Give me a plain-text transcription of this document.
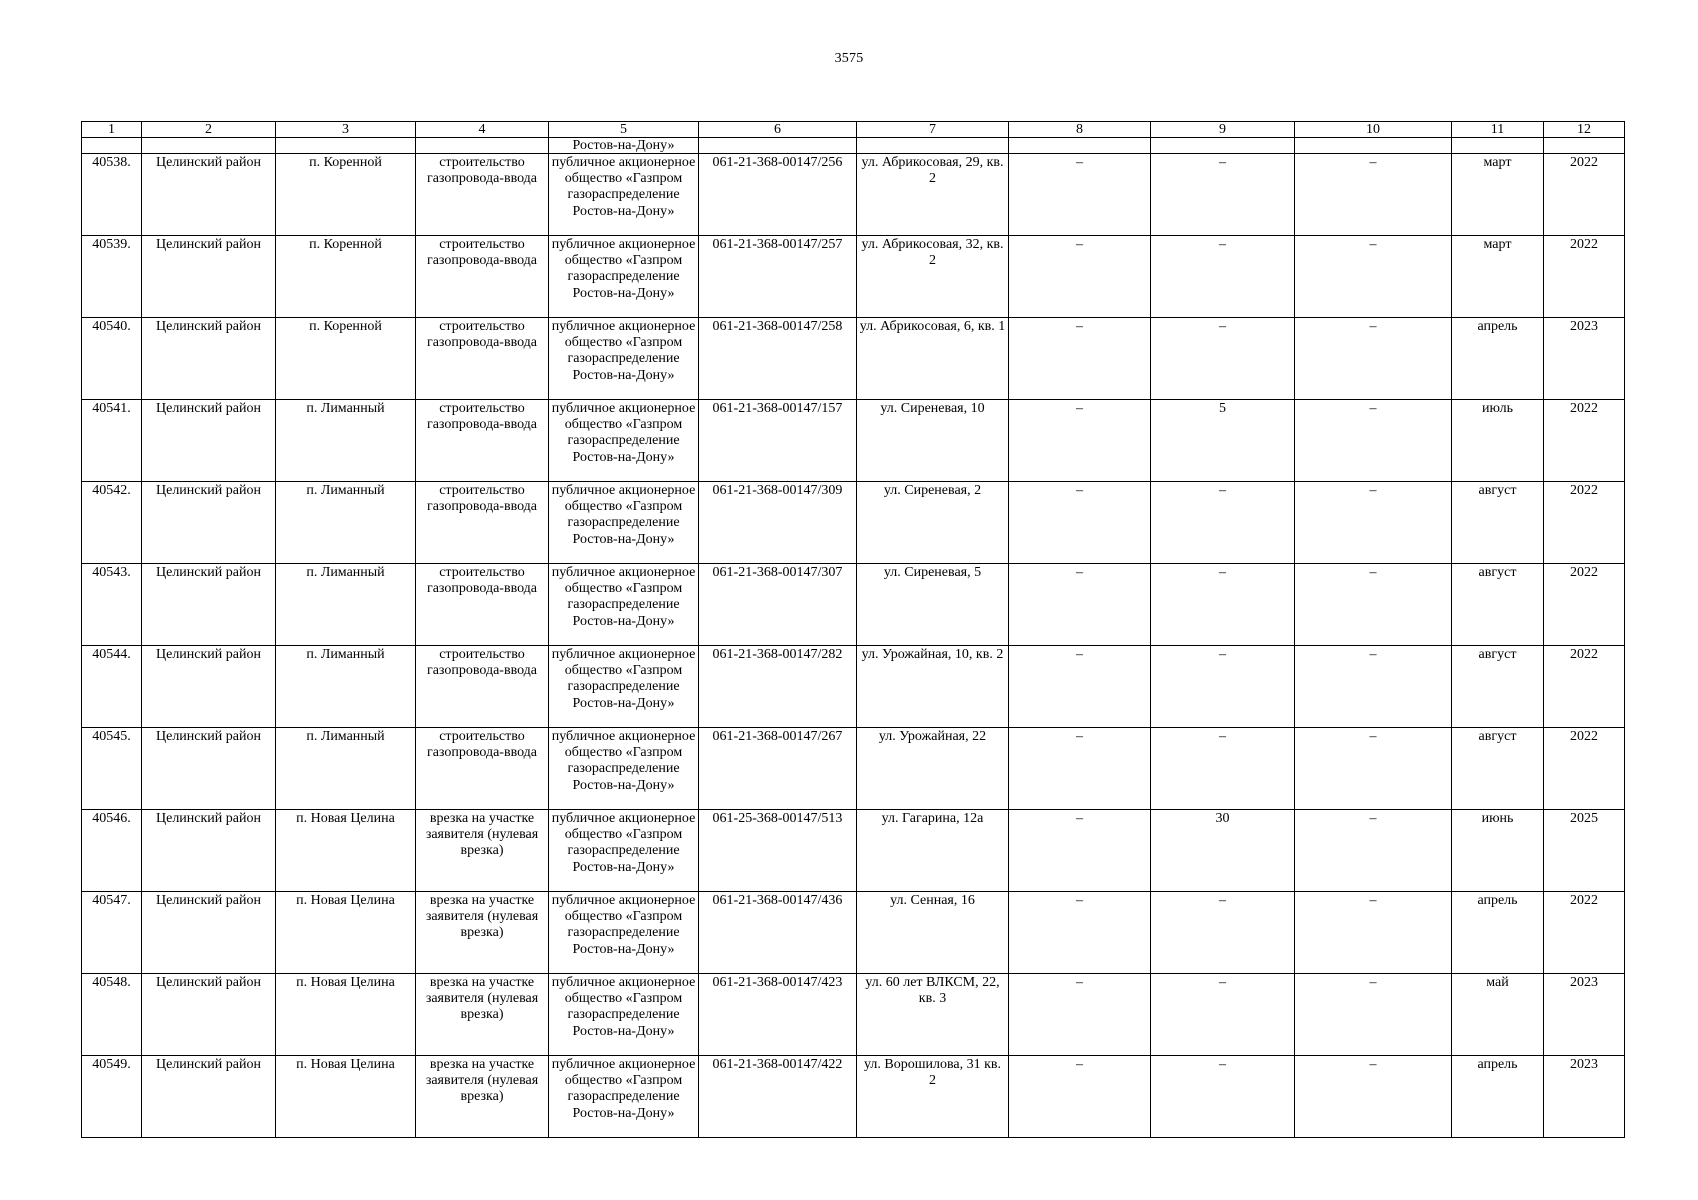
3575
1	2	3	4	5	6	7	8	9	10	11	12
				Ростов-на-Дону»							
40538.	Целинский район	п. Коренной	строительство газопровода-ввода	публичное акционерное общество «Газпром газораспределение Ростов-на-Дону»	061-21-368-00147/256	ул. Абрикосовая, 29, кв. 2	–	–	–	март	2022
40539.	Целинский район	п. Коренной	строительство газопровода-ввода	публичное акционерное общество «Газпром газораспределение Ростов-на-Дону»	061-21-368-00147/257	ул. Абрикосовая, 32, кв. 2	–	–	–	март	2022
40540.	Целинский район	п. Коренной	строительство газопровода-ввода	публичное акционерное общество «Газпром газораспределение Ростов-на-Дону»	061-21-368-00147/258	ул. Абрикосовая, 6, кв. 1	–	–	–	апрель	2023
40541.	Целинский район	п. Лиманный	строительство газопровода-ввода	публичное акционерное общество «Газпром газораспределение Ростов-на-Дону»	061-21-368-00147/157	ул. Сиреневая, 10	–	5	–	июль	2022
40542.	Целинский район	п. Лиманный	строительство газопровода-ввода	публичное акционерное общество «Газпром газораспределение Ростов-на-Дону»	061-21-368-00147/309	ул. Сиреневая, 2	–	–	–	август	2022
40543.	Целинский район	п. Лиманный	строительство газопровода-ввода	публичное акционерное общество «Газпром газораспределение Ростов-на-Дону»	061-21-368-00147/307	ул. Сиреневая, 5	–	–	–	август	2022
40544.	Целинский район	п. Лиманный	строительство газопровода-ввода	публичное акционерное общество «Газпром газораспределение Ростов-на-Дону»	061-21-368-00147/282	ул. Урожайная, 10, кв. 2	–	–	–	август	2022
40545.	Целинский район	п. Лиманный	строительство газопровода-ввода	публичное акционерное общество «Газпром газораспределение Ростов-на-Дону»	061-21-368-00147/267	ул. Урожайная, 22	–	–	–	август	2022
40546.	Целинский район	п. Новая Целина	врезка на участке заявителя (нулевая врезка)	публичное акционерное общество «Газпром газораспределение Ростов-на-Дону»	061-25-368-00147/513	ул. Гагарина, 12а	–	30	–	июнь	2025
40547.	Целинский район	п. Новая Целина	врезка на участке заявителя (нулевая врезка)	публичное акционерное общество «Газпром газораспределение Ростов-на-Дону»	061-21-368-00147/436	ул. Сенная, 16	–	–	–	апрель	2022
40548.	Целинский район	п. Новая Целина	врезка на участке заявителя (нулевая врезка)	публичное акционерное общество «Газпром газораспределение Ростов-на-Дону»	061-21-368-00147/423	ул. 60 лет ВЛКСМ, 22, кв. 3	–	–	–	май	2023
40549.	Целинский район	п. Новая Целина	врезка на участке заявителя (нулевая врезка)	публичное акционерное общество «Газпром газораспределение Ростов-на-Дону»	061-21-368-00147/422	ул. Ворошилова, 31 кв. 2	–	–	–	апрель	2023
